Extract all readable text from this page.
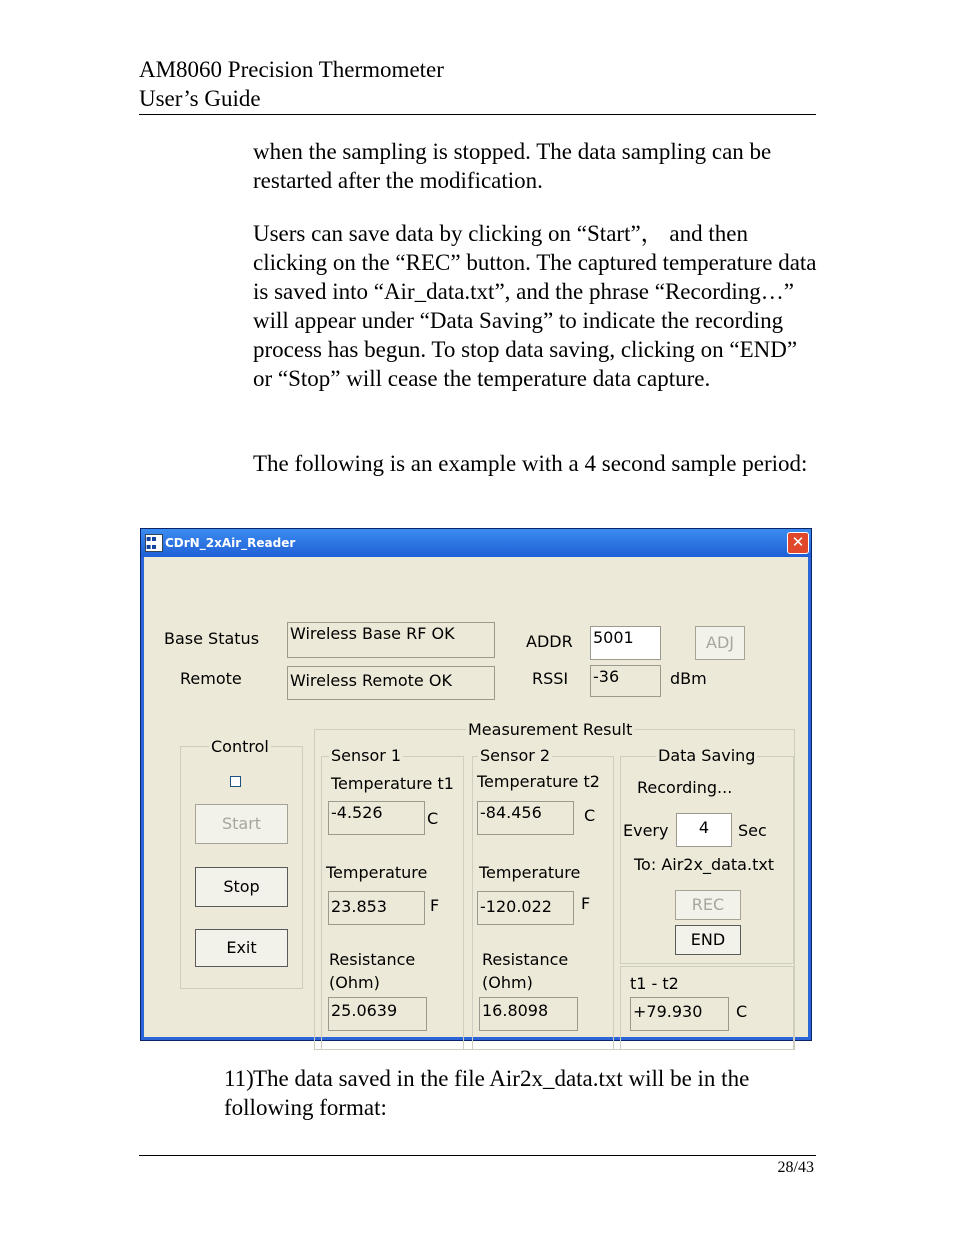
AM8060 Precision Thermometer
User’s Guide

when the sampling is stopped. The data sampling can be restarted after the modification.

Users can save data by clicking on “Start”， and then clicking on the “REC” button. The captured temperature data is saved into “Air_data.txt”, and the phrase “Recording…” will appear under “Data Saving” to indicate the recording process has begun. To stop data saving, clicking on “END” or “Stop” will cease the temperature data capture.

The following is an example with a 4 second sample period:

▪▪
▪▪ CDrN_2xAir_Reader	✕
Base Status Wireless Base RF OK
Remote	Wireless Remote OK
ADDR 5001	ADJ
RSSI -36	dBm
Control
Start
Stop
Exit
Measurement Result
Sensor 1
Temperature t1
-4.526	C
Temperature
23.853	F
Resistance
(Ohm)
25.0639
Sensor 2
Temperature t2
-84.456	C
Temperature
-120.022	F
Resistance
(Ohm)
16.8098
Data Saving
Recording...
Every	4	Sec
To: Air2x_data.txt
REC
END
t1 - t2
+79.930	C
11)The data saved in the file Air2x_data.txt will be in the following format:
28/43
